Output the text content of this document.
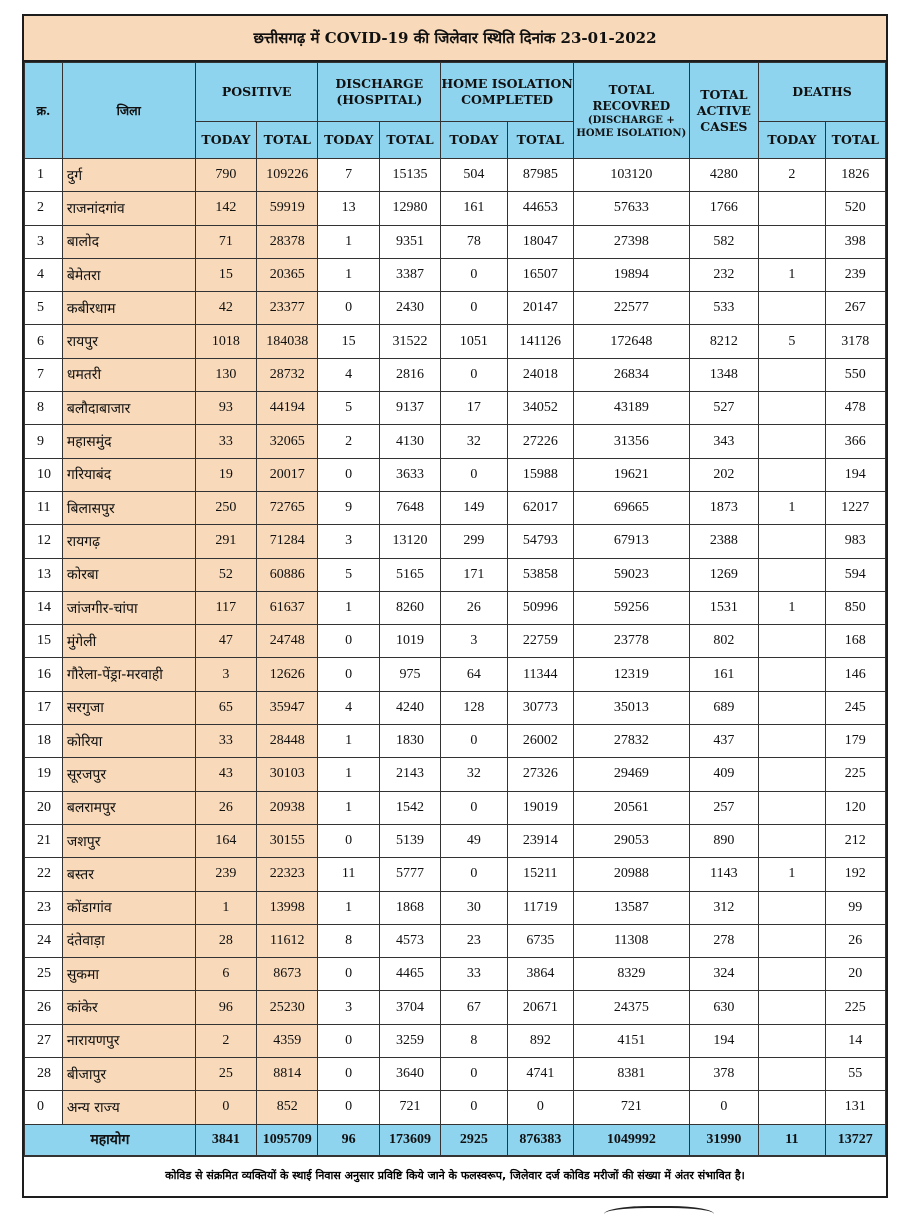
छत्तीसगढ़ में COVID-19 की जिलेवार स्थिति दिनांक 23-01-2022
क्र.	जिला	POSITIVE		DISCHARGE (HOSPITAL)		HOME ISOLATION COMPLETED		TOTAL RECOVRED
(DISCHARGE + HOME ISOLATION)	TOTAL ACTIVE CASES	DEATHS	
		TODAY	TOTAL	TODAY	TOTAL	TODAY	TOTAL			TODAY	TOTAL
1	दुर्ग	790	109226	7	15135	504	87985	103120	4280	2	1826
2	राजनांदगांव	142	59919	13	12980	161	44653	57633	1766		520
3	बालोद	71	28378	1	9351	78	18047	27398	582		398
4	बेमेतरा	15	20365	1	3387	0	16507	19894	232	1	239
5	कबीरधाम	42	23377	0	2430	0	20147	22577	533		267
6	रायपुर	1018	184038	15	31522	1051	141126	172648	8212	5	3178
7	धमतरी	130	28732	4	2816	0	24018	26834	1348		550
8	बलौदाबाजार	93	44194	5	9137	17	34052	43189	527		478
9	महासमुंद	33	32065	2	4130	32	27226	31356	343		366
10	गरियाबंद	19	20017	0	3633	0	15988	19621	202		194
11	बिलासपुर	250	72765	9	7648	149	62017	69665	1873	1	1227
12	रायगढ़	291	71284	3	13120	299	54793	67913	2388		983
13	कोरबा	52	60886	5	5165	171	53858	59023	1269		594
14	जांजगीर-चांपा	117	61637	1	8260	26	50996	59256	1531	1	850
15	मुंगेली	47	24748	0	1019	3	22759	23778	802		168
16	गौरेला-पेंड्रा-मरवाही	3	12626	0	975	64	11344	12319	161		146
17	सरगुजा	65	35947	4	4240	128	30773	35013	689		245
18	कोरिया	33	28448	1	1830	0	26002	27832	437		179
19	सूरजपुर	43	30103	1	2143	32	27326	29469	409		225
20	बलरामपुर	26	20938	1	1542	0	19019	20561	257		120
21	जशपुर	164	30155	0	5139	49	23914	29053	890		212
22	बस्तर	239	22323	11	5777	0	15211	20988	1143	1	192
23	कोंडागांव	1	13998	1	1868	30	11719	13587	312		99
24	दंतेवाड़ा	28	11612	8	4573	23	6735	11308	278		26
25	सुकमा	6	8673	0	4465	33	3864	8329	324		20
26	कांकेर	96	25230	3	3704	67	20671	24375	630		225
27	नारायणपुर	2	4359	0	3259	8	892	4151	194		14
28	बीजापुर	25	8814	0	3640	0	4741	8381	378		55
0	अन्य राज्य	0	852	0	721	0	0	721	0		131
महायोग		3841	1095709	96	173609	2925	876383	1049992	31990	11	13727
कोविड से संक्रमित व्यक्तियों के स्थाई निवास अनुसार प्रविष्टि किये जाने के फलस्वरूप, जिलेवार दर्ज कोविड मरीजों की संख्या में अंतर संभावित है।
